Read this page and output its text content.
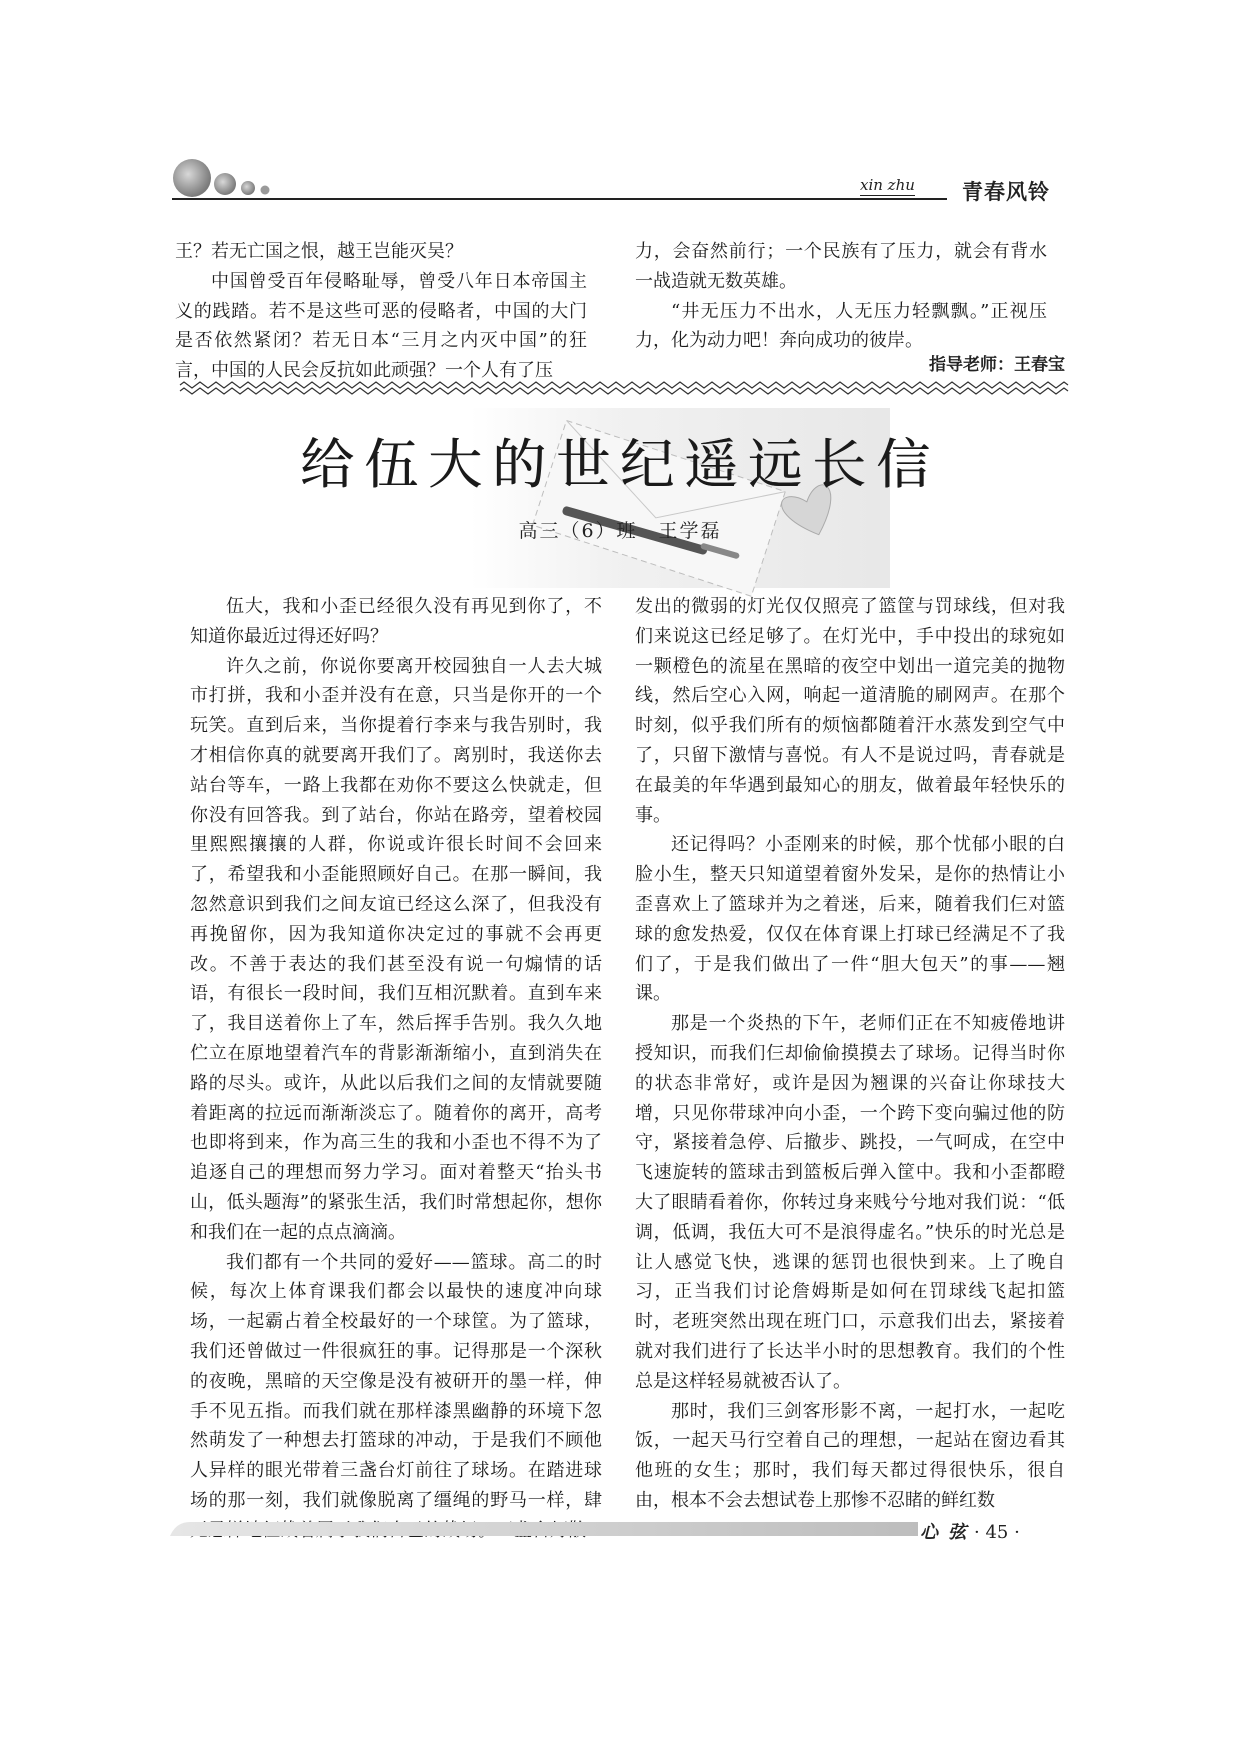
xin zhu 青春风铃

王？若无亡国之恨，越王岂能灭吴？

中国曾受百年侵略耻辱，曾受八年日本帝国主义的践踏。若不是这些可恶的侵略者，中国的大门是否依然紧闭？若无日本“三月之内灭中国”的狂言，中国的人民会反抗如此顽强？一个人有了压

力，会奋然前行；一个民族有了压力，就会有背水一战造就无数英雄。

“井无压力不出水，人无压力轻飘飘。”正视压力，化为动力吧！奔向成功的彼岸。

指导老师：王春宝
给伍大的世纪遥远长信
高三（6）班　王学磊

伍大，我和小歪已经很久没有再见到你了，不知道你最近过得还好吗？

许久之前，你说你要离开校园独自一人去大城市打拼，我和小歪并没有在意，只当是你开的一个玩笑。直到后来，当你提着行李来与我告别时，我才相信你真的就要离开我们了。离别时，我送你去站台等车，一路上我都在劝你不要这么快就走，但你没有回答我。到了站台，你站在路旁，望着校园里熙熙攘攘的人群，你说或许很长时间不会回来了，希望我和小歪能照顾好自己。在那一瞬间，我忽然意识到我们之间友谊已经这么深了，但我没有再挽留你，因为我知道你决定过的事就不会再更改。不善于表达的我们甚至没有说一句煽情的话语，有很长一段时间，我们互相沉默着。直到车来了，我目送着你上了车，然后挥手告别。我久久地伫立在原地望着汽车的背影渐渐缩小，直到消失在路的尽头。或许，从此以后我们之间的友情就要随着距离的拉远而渐渐淡忘了。随着你的离开，高考也即将到来，作为高三生的我和小歪也不得不为了追逐自己的理想而努力学习。面对着整天“抬头书山，低头题海”的紧张生活，我们时常想起你，想你和我们在一起的点点滴滴。

我们都有一个共同的爱好——篮球。高二的时候，每次上体育课我们都会以最快的速度冲向球场，一起霸占着全校最好的一个球筐。为了篮球，我们还曾做过一件很疯狂的事。记得那是一个深秋的夜晚，黑暗的天空像是没有被研开的墨一样，伸手不见五指。而我们就在那样漆黑幽静的环境下忽然萌发了一种想去打篮球的冲动，于是我们不顾他人异样的眼光带着三盏台灯前往了球场。在踏进球场的那一刻，我们就像脱离了缰绳的野马一样，肆

发出的微弱的灯光仅仅照亮了篮筐与罚球线，但对我们来说这已经足够了。在灯光中，手中投出的球宛如一颗橙色的流星在黑暗的夜空中划出一道完美的抛物线，然后空心入网，响起一道清脆的刷网声。在那个时刻，似乎我们所有的烦恼都随着汗水蒸发到空气中了，只留下激情与喜悦。有人不是说过吗，青春就是在最美的年华遇到最知心的朋友，做着最年轻快乐的事。

还记得吗？小歪刚来的时候，那个忧郁小眼的白脸小生，整天只知道望着窗外发呆，是你的热情让小歪喜欢上了篮球并为之着迷，后来，随着我们仨对篮球的愈发热爱，仅仅在体育课上打球已经满足不了我们了，于是我们做出了一件“胆大包天”的事——翘课。

那是一个炎热的下午，老师们正在不知疲倦地讲授知识，而我们仨却偷偷摸摸去了球场。记得当时你的状态非常好，或许是因为翘课的兴奋让你球技大增，只见你带球冲向小歪，一个跨下变向骗过他的防守，紧接着急停、后撤步、跳投，一气呵成，在空中飞速旋转的篮球击到篮板后弹入筐中。我和小歪都瞪大了眼睛看着你，你转过身来贱兮兮地对我们说：“低调，低调，我伍大可不是浪得虚名。”快乐的时光总是让人感觉飞快，逃课的惩罚也很快到来。上了晚自习，正当我们讨论詹姆斯是如何在罚球线飞起扣篮时，老班突然出现在班门口，示意我们出去，紧接着就对我们进行了长达半小时的思想教育。我们的个性总是这样轻易就被否认了。

那时，我们三剑客形影不离，一起打水，一起吃饭，一起天马行空着自己的理想，一起站在窗边看其他班的女生；那时，我们每天都过得很快乐，很自由，根本不会去想试卷上那惨不忍睹的鲜红数

心 弦 · 45 ·
